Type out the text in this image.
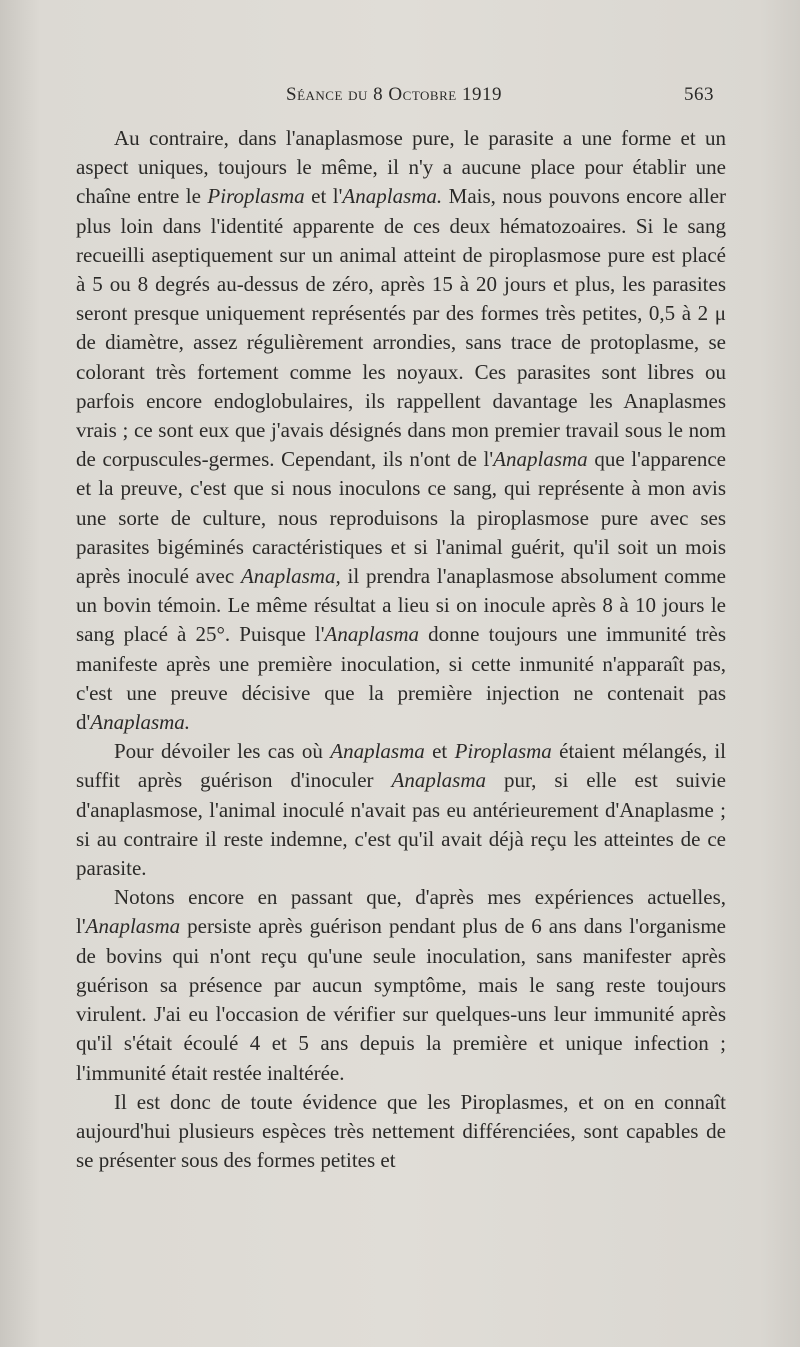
Séance du 8 Octobre 1919	563

Au contraire, dans l'anaplasmose pure, le parasite a une forme et un aspect uniques, toujours le même, il n'y a aucune place pour établir une chaîne entre le Piroplasma et l'Anaplasma. Mais, nous pouvons encore aller plus loin dans l'identité apparente de ces deux hématozoaires. Si le sang recueilli aseptiquement sur un animal atteint de piroplasmose pure est placé à 5 ou 8 degrés au-dessus de zéro, après 15 à 20 jours et plus, les parasites seront presque uniquement représentés par des formes très petites, 0,5 à 2 μ de diamètre, assez régulièrement arrondies, sans trace de protoplasme, se colorant très fortement comme les noyaux. Ces parasites sont libres ou parfois encore endoglobulaires, ils rappellent davantage les Anaplasmes vrais ; ce sont eux que j'avais désignés dans mon premier travail sous le nom de corpuscules-germes. Cependant, ils n'ont de l'Anaplasma que l'apparence et la preuve, c'est que si nous inoculons ce sang, qui représente à mon avis une sorte de culture, nous reproduisons la piroplasmose pure avec ses parasites bigéminés caractéristiques et si l'animal guérit, qu'il soit un mois après inoculé avec Anaplasma, il prendra l'anaplasmose absolument comme un bovin témoin. Le même résultat a lieu si on inocule après 8 à 10 jours le sang placé à 25°. Puisque l'Anaplasma donne toujours une immunité très manifeste après une première inoculation, si cette inmunité n'apparaît pas, c'est une preuve décisive que la première injection ne contenait pas d'Anaplasma.

Pour dévoiler les cas où Anaplasma et Piroplasma étaient mélangés, il suffit après guérison d'inoculer Anaplasma pur, si elle est suivie d'anaplasmose, l'animal inoculé n'avait pas eu antérieurement d'Anaplasme ; si au contraire il reste indemne, c'est qu'il avait déjà reçu les atteintes de ce parasite.

Notons encore en passant que, d'après mes expériences actuelles, l'Anaplasma persiste après guérison pendant plus de 6 ans dans l'organisme de bovins qui n'ont reçu qu'une seule inoculation, sans manifester après guérison sa présence par aucun symptôme, mais le sang reste toujours virulent. J'ai eu l'occasion de vérifier sur quelques-uns leur immunité après qu'il s'était écoulé 4 et 5 ans depuis la première et unique infection ; l'immunité était restée inaltérée.

Il est donc de toute évidence que les Piroplasmes, et on en connaît aujourd'hui plusieurs espèces très nettement différenciées, sont capables de se présenter sous des formes petites et
